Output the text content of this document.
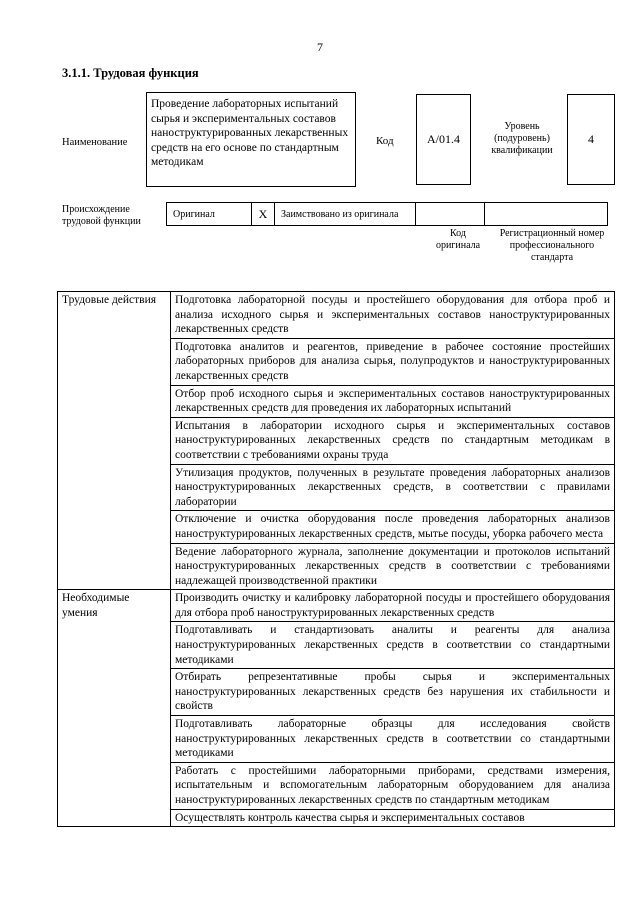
7
3.1.1. Трудовая функция
Наименование
Проведение лабораторных испытаний сырья и экспериментальных составов наноструктурированных лекарственных средств на его основе по стандартным методикам
Код	А/01.4
Уровень (подуровень) квалификации
4
Происхождение трудовой функции
Оригинал	X	Заимствовано из оригинала		
Код оригинала
Регистрационный номер профессионального стандарта
Трудовые действия	Подготовка лабораторной посуды и простейшего оборудования для отбора проб и анализа исходного сырья и экспериментальных составов наноструктурированных лекарственных средств
	Подготовка аналитов и реагентов, приведение в рабочее состояние простейших лабораторных приборов для анализа сырья, полупродуктов и наноструктурированных лекарственных средств
	Отбор проб исходного сырья и экспериментальных составов наноструктурированных лекарственных средств для проведения их лабораторных испытаний
	Испытания в лаборатории исходного сырья и экспериментальных составов наноструктурированных лекарственных средств по стандартным методикам в соответствии с требованиями охраны труда
	Утилизация продуктов, полученных в результате проведения лабораторных анализов наноструктурированных лекарственных средств, в соответствии с правилами лаборатории
	Отключение и очистка оборудования после проведения лабораторных анализов наноструктурированных лекарственных средств, мытье посуды, уборка рабочего места
	Ведение лабораторного журнала, заполнение документации и протоколов испытаний наноструктурированных лекарственных средств в соответствии с требованиями надлежащей производственной практики
Необходимые умения	Производить очистку и калибровку лабораторной посуды и простейшего оборудования для отбора проб наноструктурированных лекарственных средств
	Подготавливать и стандартизовать аналиты и реагенты для анализа наноструктурированных лекарственных средств в соответствии со стандартными методиками
	Отбирать репрезентативные пробы сырья и экспериментальных наноструктурированных лекарственных средств без нарушения их стабильности и свойств
	Подготавливать лабораторные образцы для исследования свойств наноструктурированных лекарственных средств в соответствии со стандартными методиками
	Работать с простейшими лабораторными приборами, средствами измерения, испытательным и вспомогательным лабораторным оборудованием для анализа наноструктурированных лекарственных средств по стандартным методикам
	Осуществлять контроль качества сырья и экспериментальных составов
